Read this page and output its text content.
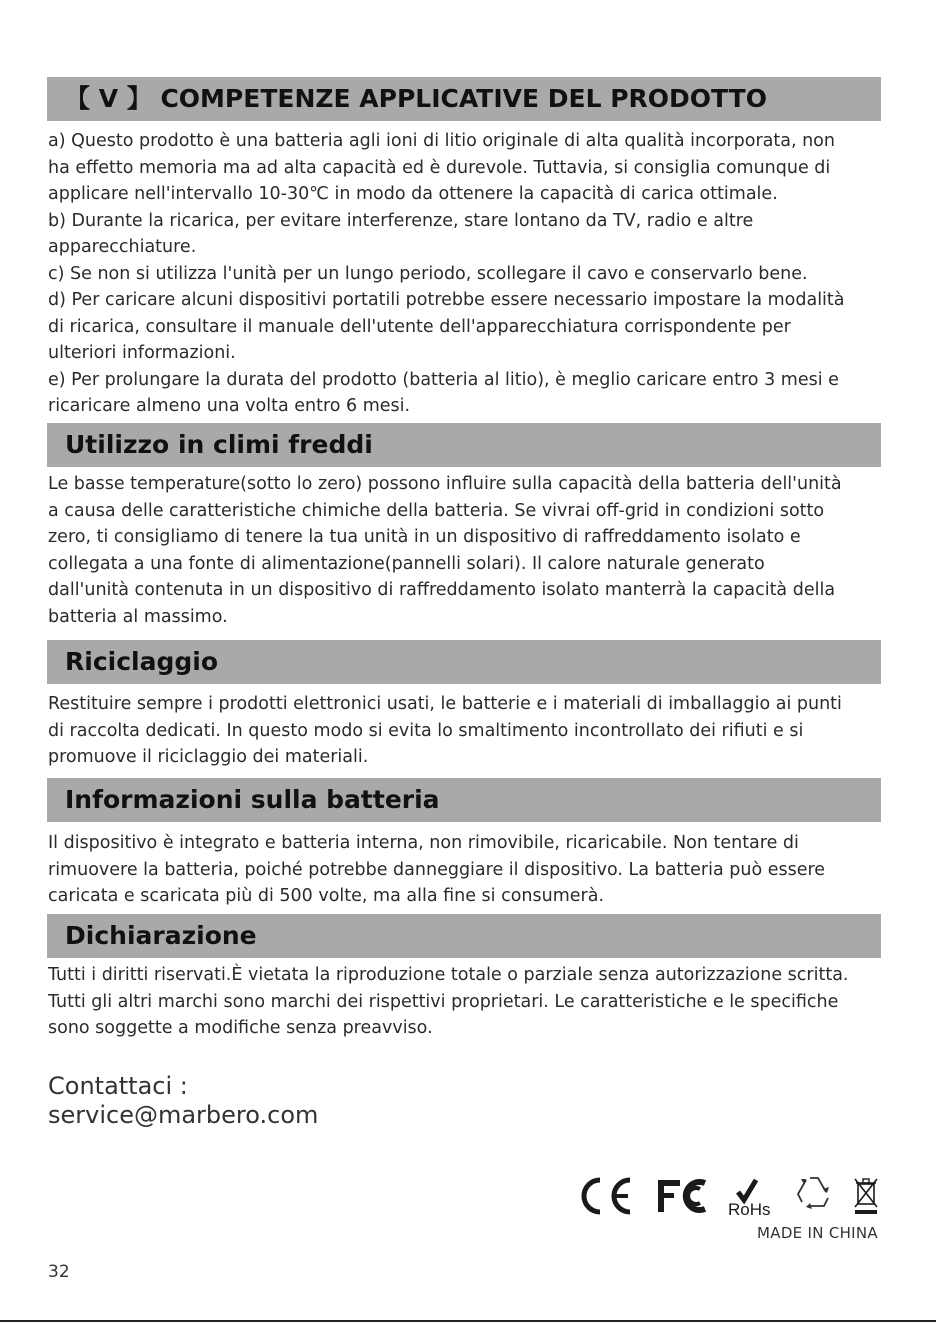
【 V 】 COMPETENZE APPLICATIVE DEL PRODOTTO
a) Questo prodotto è una batteria agli ioni di litio originale di alta qualità incorporata, non
ha effetto memoria ma ad alta capacità ed è durevole. Tuttavia, si consiglia comunque di
applicare nell'intervallo 10-30℃ in modo da ottenere la capacità di carica ottimale.
b) Durante la ricarica, per evitare interferenze, stare lontano da TV, radio e altre
apparecchiature.
c) Se non si utilizza l'unità per un lungo periodo, scollegare il cavo e conservarlo bene.
d) Per caricare alcuni dispositivi portatili potrebbe essere necessario impostare la modalità
di ricarica, consultare il manuale dell'utente dell'apparecchiatura corrispondente per
ulteriori informazioni.
e) Per prolungare la durata del prodotto (batteria al litio), è meglio caricare entro 3 mesi e
ricaricare almeno una volta entro 6 mesi.
Utilizzo in climi freddi
Le basse temperature(sotto lo zero) possono influire sulla capacità della batteria dell'unità
a causa delle caratteristiche chimiche della batteria. Se vivrai off-grid in condizioni sotto
zero, ti consigliamo di tenere la tua unità in un dispositivo di raffreddamento isolato e
collegata a una fonte di alimentazione(pannelli solari). Il calore naturale generato
dall'unità contenuta in un dispositivo di raffreddamento isolato manterrà la capacità della
batteria al massimo.
Riciclaggio
Restituire sempre i prodotti elettronici usati, le batterie e i materiali di imballaggio ai punti
di raccolta dedicati. In questo modo si evita lo smaltimento incontrollato dei rifiuti e si
promuove il riciclaggio dei materiali.
Informazioni sulla batteria
Il dispositivo è integrato e batteria interna, non rimovibile, ricaricabile. Non tentare di
rimuovere la batteria, poiché potrebbe danneggiare il dispositivo. La batteria può essere
caricata e scaricata più di 500 volte, ma alla fine si consumerà.
Dichiarazione
Tutti i diritti riservati.È vietata la riproduzione totale o parziale senza autorizzazione scritta.
Tutti gli altri marchi sono marchi dei rispettivi proprietari. Le caratteristiche e le specifiche
sono soggette a modifiche senza preavviso.
Contattaci :
service@marbero.com
RoHs
MADE IN CHINA
32
